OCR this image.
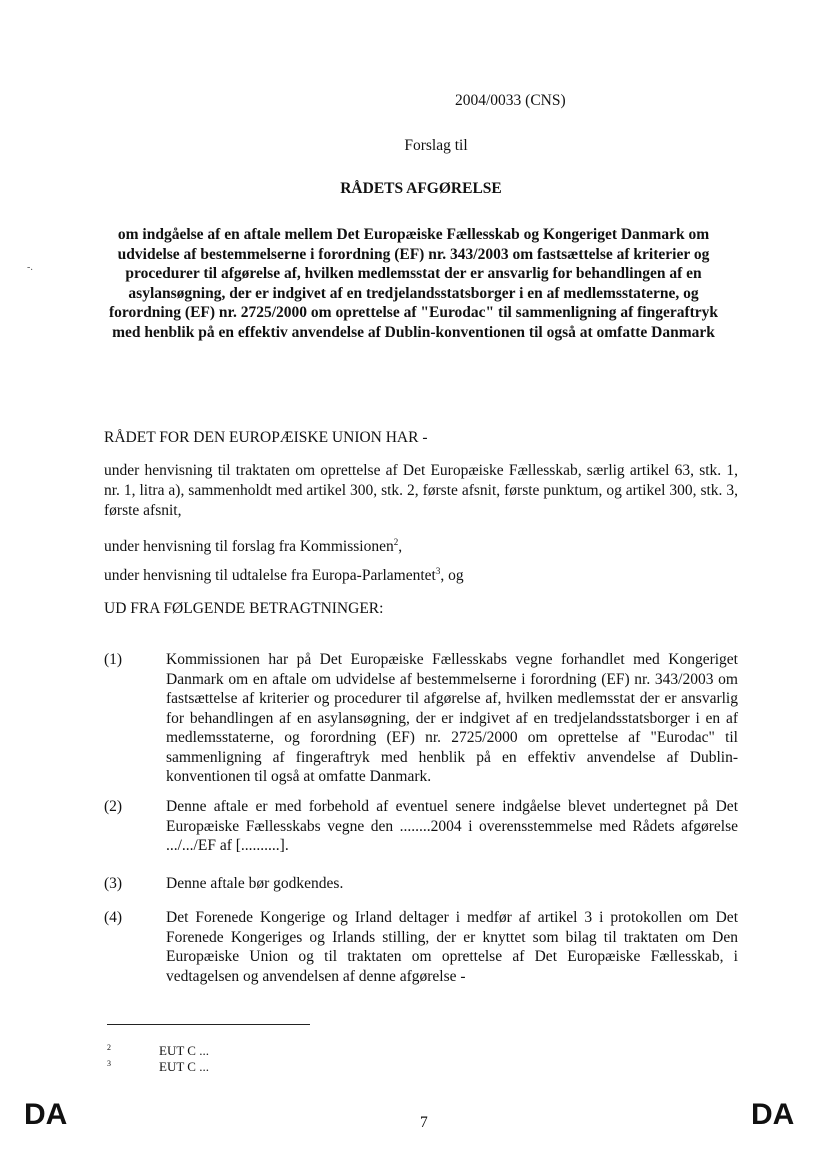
2004/0033 (CNS)
Forslag til
RÅDETS AFGØRELSE
om indgåelse af en aftale mellem Det Europæiske Fællesskab og Kongeriget Danmark om udvidelse af bestemmelserne i forordning (EF) nr. 343/2003 om fastsættelse af kriterier og procedurer til afgørelse af, hvilken medlemsstat der er ansvarlig for behandlingen af en asylansøgning, der er indgivet af en tredjelandsstatsborger i en af medlemsstaterne, og forordning (EF) nr. 2725/2000 om oprettelse af "Eurodac" til sammenligning af fingeraftryk med henblik på en effektiv anvendelse af Dublin-konventionen til også at omfatte Danmark
-.
RÅDET FOR DEN EUROPÆISKE UNION HAR -
under henvisning til traktaten om oprettelse af Det Europæiske Fællesskab, særlig artikel 63, stk. 1, nr. 1, litra a), sammenholdt med artikel 300, stk. 2, første afsnit, første punktum, og artikel 300, stk. 3, første afsnit,
under henvisning til forslag fra Kommissionen$^2$,
under henvisning til udtalelse fra Europa-Parlamentet$^3$, og
UD FRA FØLGENDE BETRAGTNINGER:
(1)	Kommissionen har på Det Europæiske Fællesskabs vegne forhandlet med Kongeriget Danmark om en aftale om udvidelse af bestemmelserne i forordning (EF) nr. 343/2003 om fastsættelse af kriterier og procedurer til afgørelse af, hvilken medlemsstat der er ansvarlig for behandlingen af en asylansøgning, der er indgivet af en tredjelandsstatsborger i en af medlemsstaterne, og forordning (EF) nr. 2725/2000 om oprettelse af "Eurodac" til sammenligning af fingeraftryk med henblik på en effektiv anvendelse af Dublin-konventionen til også at omfatte Danmark.
(2)	Denne aftale er med forbehold af eventuel senere indgåelse blevet undertegnet på Det Europæiske Fællesskabs vegne den ........2004 i overensstemmelse med Rådets afgørelse .../.../EF af [..........].
(3)	Denne aftale bør godkendes.
(4)	Det Forenede Kongerige og Irland deltager i medfør af artikel 3 i protokollen om Det Forenede Kongeriges og Irlands stilling, der er knyttet som bilag til traktaten om Den Europæiske Union og til traktaten om oprettelse af Det Europæiske Fællesskab, i vedtagelsen og anvendelsen af denne afgørelse -
2	EUT C ...
3	EUT C ...
DA	7	DA
